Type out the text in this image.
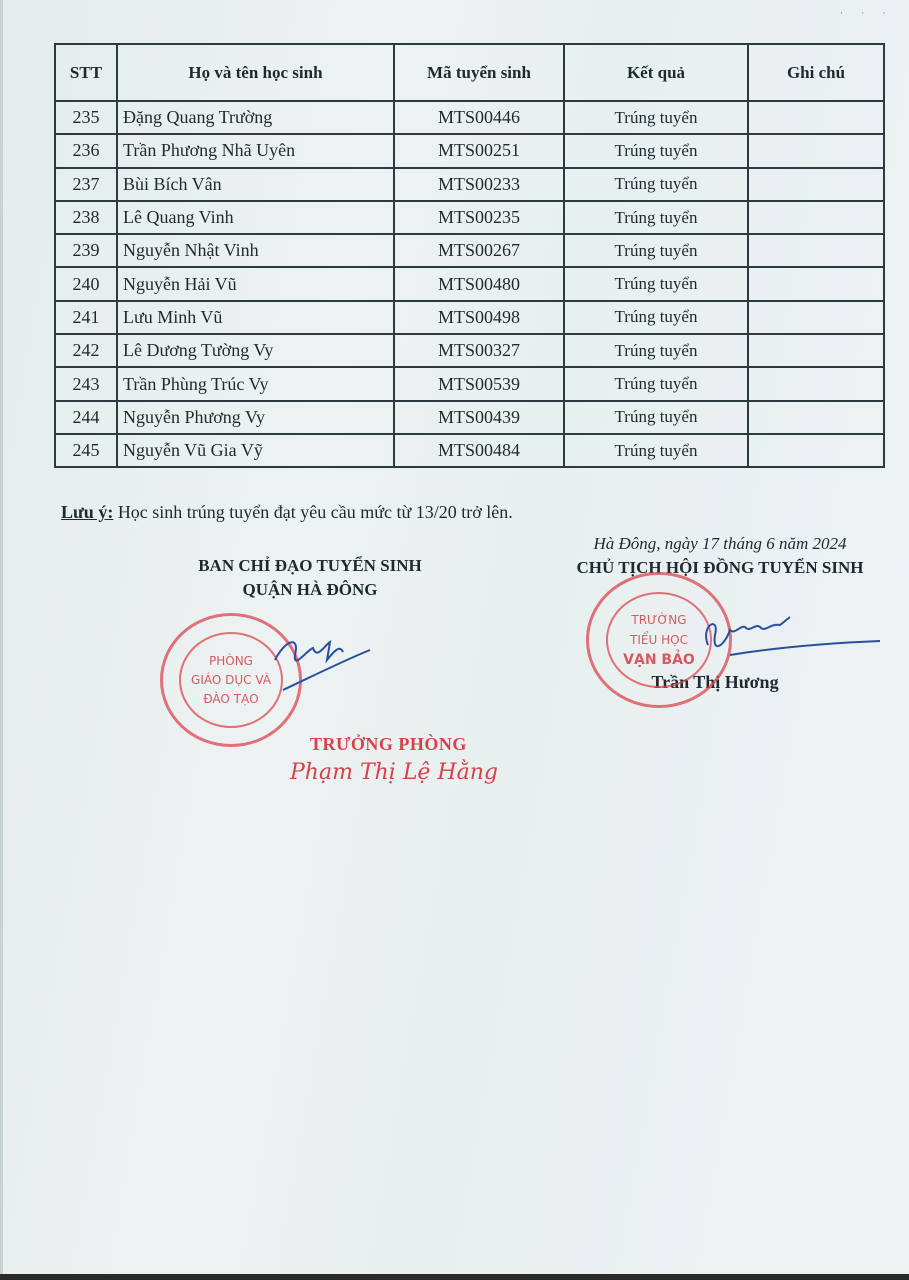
· · ·
STT	Họ và tên học sinh	Mã tuyển sinh	Kết quả	Ghi chú
235	Đặng Quang Trường	MTS00446	Trúng tuyển	
236	Trần Phương Nhã Uyên	MTS00251	Trúng tuyển	
237	Bùi Bích Vân	MTS00233	Trúng tuyển	
238	Lê Quang Vinh	MTS00235	Trúng tuyển	
239	Nguyễn Nhật Vinh	MTS00267	Trúng tuyển	
240	Nguyễn Hải Vũ	MTS00480	Trúng tuyển	
241	Lưu Minh Vũ	MTS00498	Trúng tuyển	
242	Lê Dương Tường Vy	MTS00327	Trúng tuyển	
243	Trần Phùng Trúc Vy	MTS00539	Trúng tuyển	
244	Nguyễn Phương Vy	MTS00439	Trúng tuyển	
245	Nguyễn Vũ Gia Vỹ	MTS00484	Trúng tuyển	
Lưu ý: Học sinh trúng tuyển đạt yêu cầu mức từ 13/20 trở lên.
BAN CHỈ ĐẠO TUYỂN SINH
QUẬN HÀ ĐÔNG
PHÒNG
GIÁO DỤC VÀ
ĐÀO TẠO
TRƯỞNG PHÒNG
Phạm Thị Lệ Hằng
Hà Đông, ngày 17 tháng 6 năm 2024
CHỦ TỊCH HỘI ĐỒNG TUYỂN SINH
Trần Thị Hương
TRƯỜNG
TIỂU HỌC
VẠN BẢO
